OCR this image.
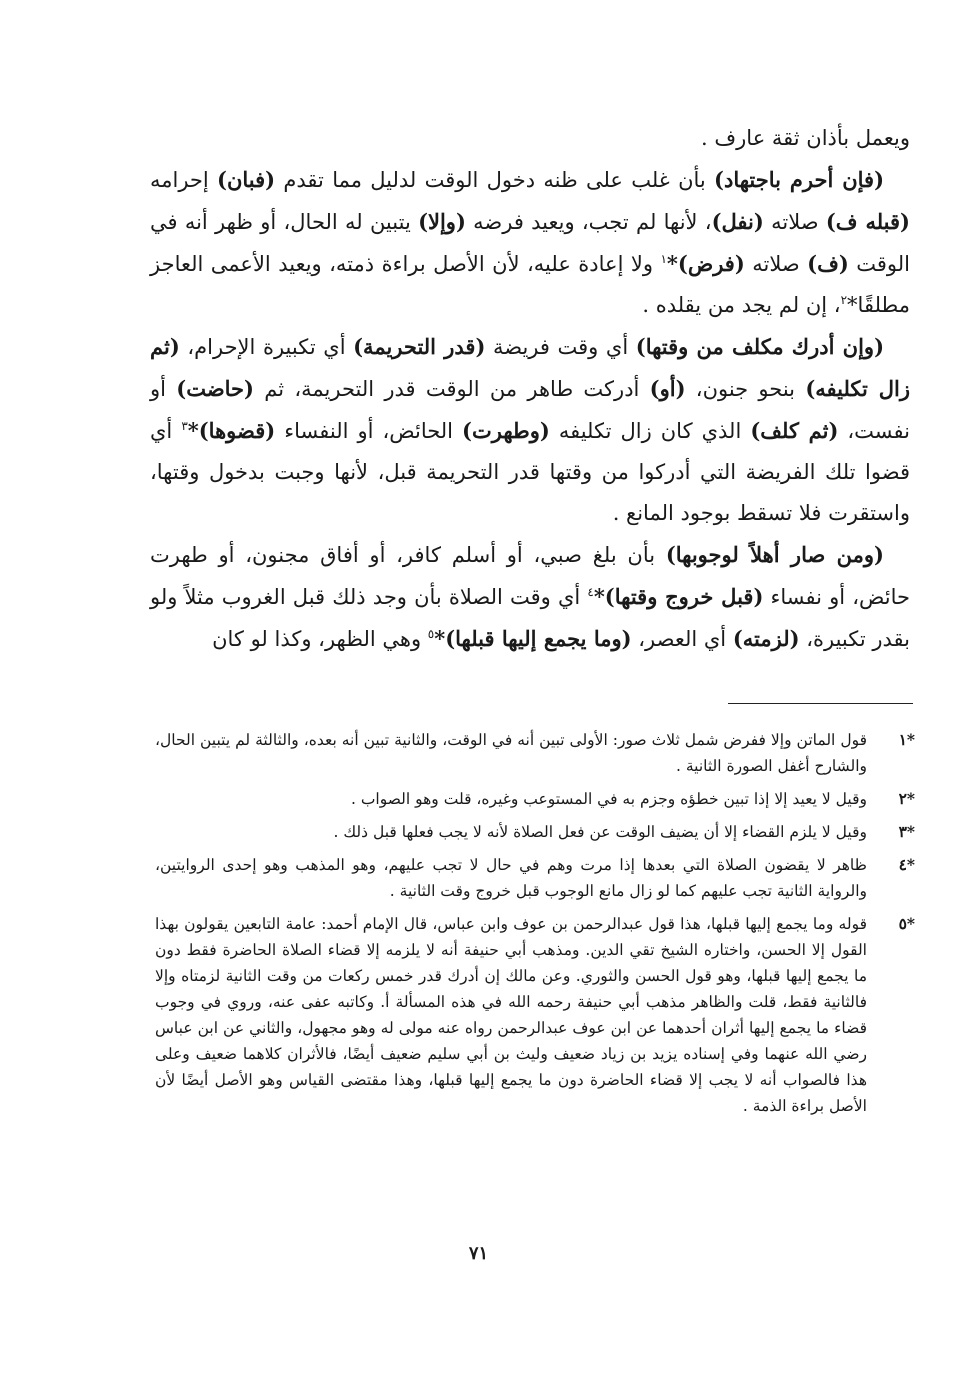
ويعمل بأذان ثقة عارف .

(فإن أحرم باجتهاد) بأن غلب على ظنه دخول الوقت لدليل مما تقدم (فبان) إحرامه (قبله ف) صلاته (نفل)، لأنها لم تجب، ويعيد فرضه (وإلا) يتبين له الحال، أو ظهر أنه في الوقت (ف) صلاته (فرض)*$^١$ ولا إعادة عليه، لأن الأصل براءة ذمته، ويعيد الأعمى العاجز مطلقًا*$^٢$، إن لم يجد من يقلده .

(وإن أدرك مكلف من وقتها) أي وقت فريضة (قدر التحريمة) أي تكبيرة الإحرام، (ثم زال تكليفه) بنحو جنون، (أو) أدركت طاهر من الوقت قدر التحريمة، ثم (حاضت) أو نفست، (ثم كلف) الذي كان زال تكليفه (وطهرت) الحائض، أو النفساء (قضوها)*$^٣$ أي قضوا تلك الفريضة التي أدركوا من وقتها قدر التحريمة قبل، لأنها وجبت بدخول وقتها، واستقرت فلا تسقط بوجود المانع .

(ومن صار أهلاً لوجوبها) بأن بلغ صبي، أو أسلم كافر، أو أفاق مجنون، أو طهرت حائض، أو نفساء (قبل خروج وقتها)*$^٤$ أي وقت الصلاة بأن وجد ذلك قبل الغروب مثلاً ولو بقدر تكبيرة، (لزمته) أي العصر، (وما يجمع إليها قبلها)*$^٥$ وهي الظهر، وكذا لو كان

*١
قول الماتن وإلا ففرض شمل ثلاث صور: الأولى تبين أنه في الوقت، والثانية تبين أنه بعده، والثالثة لم يتبين الحال، والشارح أغفل الصورة الثانية .
*٢
وقيل لا يعيد إلا إذا تبين خطؤه وجزم به في المستوعب وغيره، قلت وهو الصواب .
*٣
وقيل لا يلزم القضاء إلا أن يضيف الوقت عن فعل الصلاة لأنه لا يجب فعلها قبل ذلك .
*٤
ظاهر لا يقضون الصلاة التي بعدها إذا مرت وهم في حال لا تجب عليهم، وهو المذهب وهو إحدى الروايتين، والرواية الثانية تجب عليهم كما لو زال مانع الوجوب قبل خروج وقت الثانية .
*٥
قوله وما يجمع إليها قبلها، هذا قول عبدالرحمن بن عوف وابن عباس، قال الإمام أحمد: عامة التابعين يقولون بهذا القول إلا الحسن، واختاره الشيخ تقي الدين. ومذهب أبي حنيفة أنه لا يلزمه إلا قضاء الصلاة الحاضرة فقط دون ما يجمع إليها قبلها، وهو قول الحسن والثوري. وعن مالك إن أدرك قدر خمس ركعات من وقت الثانية لزمتاه وإلا فالثانية فقط، قلت والظاهر مذهب أبي حنيفة رحمه الله في هذه المسألة أ. وكاتبه عفى عنه، وروي في وجوب قضاء ما يجمع إليها أثران أحدهما عن ابن عوف عبدالرحمن رواه عنه مولى له وهو مجهول، والثاني عن ابن عباس رضي الله عنهما وفي إسناده يزيد بن زياد ضعيف وليث بن أبي سليم ضعيف أيضًا، فالأثران كلاهما ضعيف وعلى هذا فالصواب أنه لا يجب إلا قضاء الحاضرة دون ما يجمع إليها قبلها، وهذا مقتضى القياس وهو الأصل أيضًا لأن الأصل براءة الذمة .
٧١
